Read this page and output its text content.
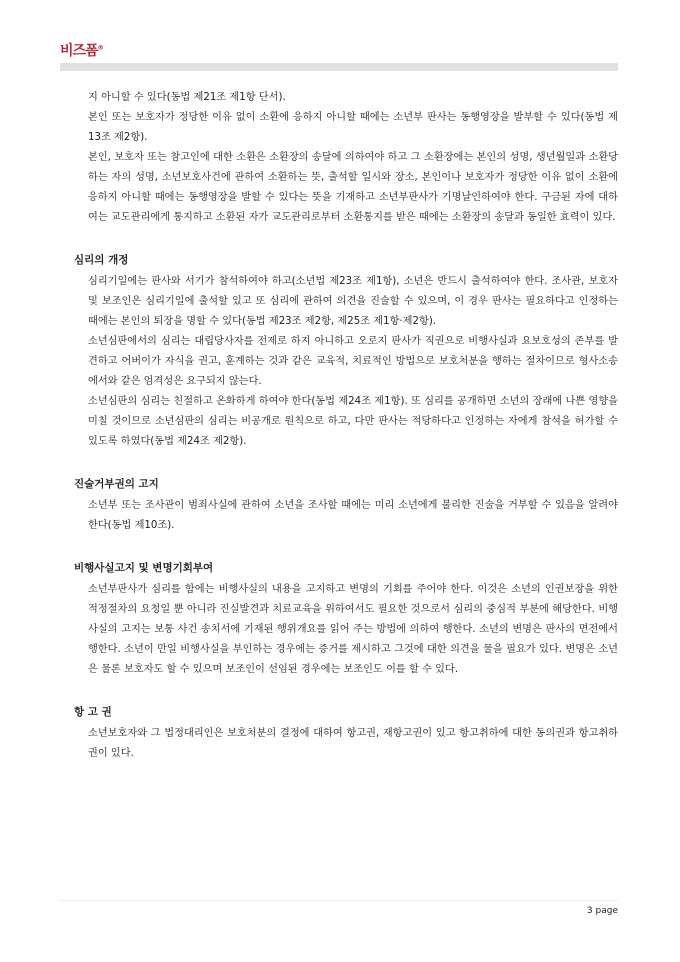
비즈폼®

지 아니할 수 있다(동법 제21조 제1항 단서).

본인 또는 보호자가 정당한 이유 없이 소환에 응하지 아니할 때에는 소년부 판사는 동행영장을 발부할 수 있다(동법 제13조 제2항).

본인, 보호자 또는 참고인에 대한 소환은 소환장의 송달에 의하여야 하고 그 소환장에는 본인의 성명, 생년월일과 소환당하는 자의 성명, 소년보호사건에 관하여 소환하는 뜻, 출석할 일시와 장소, 본인이나 보호자가 정당한 이유 없이 소환에 응하지 아니할 때에는 동행영장을 발할 수 있다는 뜻을 기재하고 소년부판사가 기명날인하여야 한다. 구금된 자에 대하여는 교도관리에게 통지하고 소환된 자가 교도관리로부터 소환통지를 받은 때에는 소환장의 송달과 동일한 효력이 있다.

심리의 개정

심리기일에는 판사와 서기가 참석하여야 하고(소년법 제23조 제1항), 소년은 반드시 출석하여야 한다. 조사관, 보호자 및 보조인은 심리기일에 출석할 있고 또 심리에 관하여 의견을 진술할 수 있으며, 이 경우 판사는 필요하다고 인정하는 때에는 본인의 퇴장을 명할 수 있다(동법 제23조 제2항, 제25조 제1항·제2항).

소년심판에서의 심리는 대립당사자를 전제로 하지 아니하고 오로지 판사가 직권으로 비행사실과 요보호성의 존부를 발견하고 어버이가 자식을 권고, 훈계하는 것과 같은 교육적, 치료적인 방법으로 보호처분을 행하는 절차이므로 형사소송에서와 같은 엄격성은 요구되지 않는다.

소년심판의 심리는 친절하고 온화하게 하여야 한다(동법 제24조 제1항). 또 심리를 공개하면 소년의 장래에 나쁜 영향을 미칠 것이므로 소년심판의 심리는 비공개로 원칙으로 하고, 다만 판사는 적당하다고 인정하는 자에게 참석을 허가할 수 있도록 하였다(동법 제24조 제2항).

진술거부권의 고지

소년부 또는 조사관이 범죄사실에 관하여 소년을 조사할 때에는 미리 소년에게 불리한 진술을 거부할 수 있음을 알려야 한다(동법 제10조).

비행사실고지 및 변명기회부여

소년부판사가 심리를 함에는 비행사실의 내용을 고지하고 변명의 기회를 주어야 한다. 이것은 소년의 인권보장을 위한 적정절차의 요청일 뿐 아니라 진실발견과 치료교육을 위하여서도 필요한 것으로서 심리의 중심적 부분에 해당한다. 비행사실의 고지는 보통 사건 송치서에 기재된 행위개요를 읽어 주는 방법에 의하여 행한다. 소년의 변명은 판사의 면전에서 행한다. 소년이 만일 비행사실을 부인하는 경우에는 증거를 제시하고 그것에 대한 의견을 물을 필요가 있다. 변명은 소년은 물론 보호자도 할 수 있으며 보조인이 선임된 경우에는 보조인도 이를 할 수 있다.

항 고 권

소년보호자와 그 법정대리인은 보호처분의 결정에 대하여 항고권, 재항고권이 있고 항고취하에 대한 동의권과 항고취하권이 있다.

3 page
